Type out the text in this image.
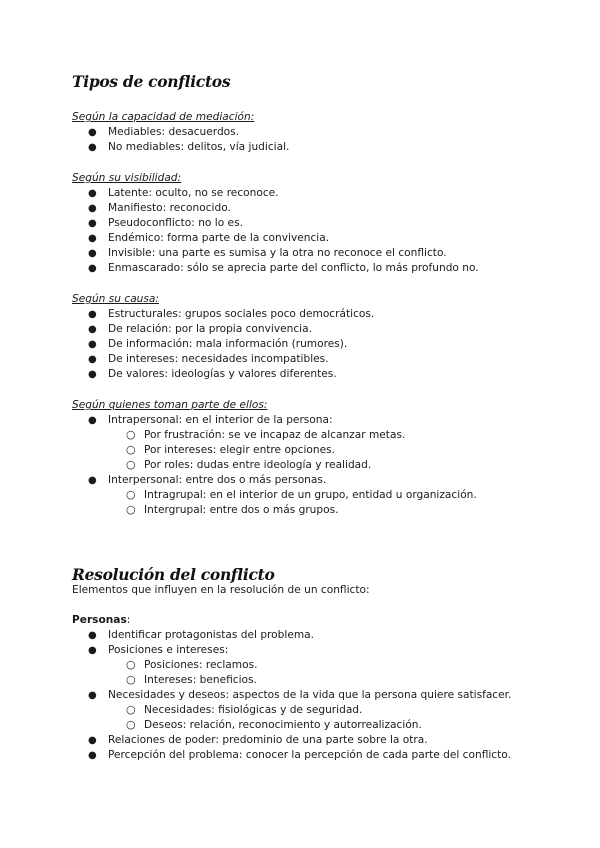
Tipos de conflictos

Según la capacidad de mediación:

● Mediables: desacuerdos.

● No mediables: delitos, vía judicial.

Según su visibilidad:

● Latente: oculto, no se reconoce.

● Manifiesto: reconocido.

● Pseudoconflicto: no lo es.

● Endémico: forma parte de la convivencia.

● Invisible: una parte es sumisa y la otra no reconoce el conflicto.

● Enmascarado: sólo se aprecia parte del conflicto, lo más profundo no.

Según su causa:

● Estructurales: grupos sociales poco democráticos.

● De relación: por la propia convivencia.

● De información: mala información (rumores).

● De intereses: necesidades incompatibles.

● De valores: ideologías y valores diferentes.

Según quienes toman parte de ellos:

● Intrapersonal: en el interior de la persona:

○ Por frustración: se ve incapaz de alcanzar metas.

○ Por intereses: elegir entre opciones.

○ Por roles: dudas entre ideología y realidad.

● Interpersonal: entre dos o más personas.

○ Intragrupal: en el interior de un grupo, entidad u organización.

○ Intergrupal: entre dos o más grupos.

Resolución del conflicto

Elementos que influyen en la resolución de un conflicto:

Personas:

● Identificar protagonistas del problema.

● Posiciones e intereses:

○ Posiciones: reclamos.

○ Intereses: beneficios.

● Necesidades y deseos: aspectos de la vida que la persona quiere satisfacer.

○ Necesidades: fisiológicas y de seguridad.

○ Deseos: relación, reconocimiento y autorrealización.

● Relaciones de poder: predominio de una parte sobre la otra.

● Percepción del problema: conocer la percepción de cada parte del conflicto.
